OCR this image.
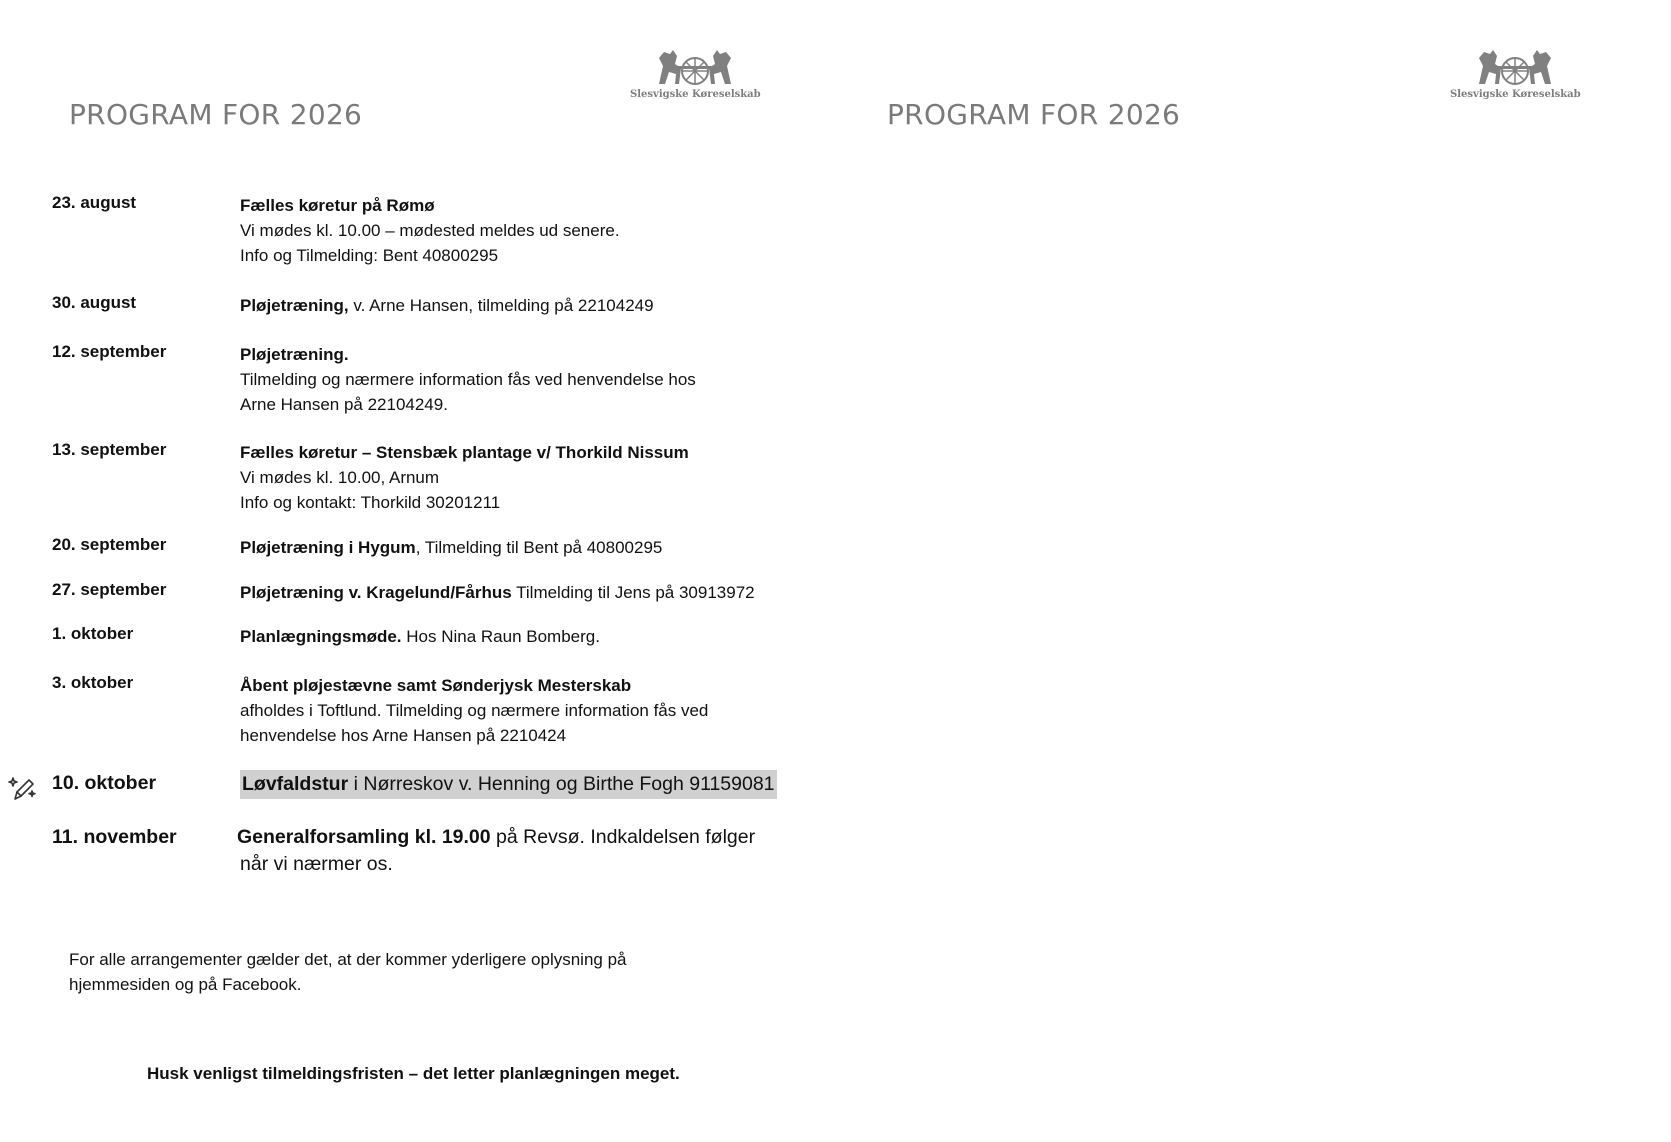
Slesvigske Køreselskab
PROGRAM FOR 2026
23. august	Fælles køretur på Rømø
Vi mødes kl. 10.00 – mødested meldes ud senere.
Info og Tilmelding: Bent 40800295
30. august	Pløjetræning, v. Arne Hansen, tilmelding på 22104249
12. september	Pløjetræning.
Tilmelding og nærmere information fås ved henvendelse hos
Arne Hansen på 22104249.
13. september	Fælles køretur – Stensbæk plantage v/ Thorkild Nissum
Vi mødes kl. 10.00, Arnum
Info og kontakt: Thorkild 30201211
20. september	Pløjetræning i Hygum, Tilmelding til Bent på 40800295
27. september	Pløjetræning v. Kragelund/Fårhus Tilmelding til Jens på 30913972
1. oktober	Planlægningsmøde. Hos Nina Raun Bomberg.
3. oktober	Åbent pløjestævne samt Sønderjysk Mesterskab
afholdes i Toftlund. Tilmelding og nærmere information fås ved
henvendelse hos Arne Hansen på 2210424
10. oktober	Løvfaldstur i Nørreskov v. Henning og Birthe Fogh 91159081
11. november	Generalforsamling kl. 19.00 på Revsø. Indkaldelsen følger
når vi nærmer os.
For alle arrangementer gælder det, at der kommer yderligere oplysning på
hjemmesiden og på Facebook.
Husk venligst tilmeldingsfristen – det letter planlægningen meget.
Slesvigske Køreselskab
PROGRAM FOR 2026
